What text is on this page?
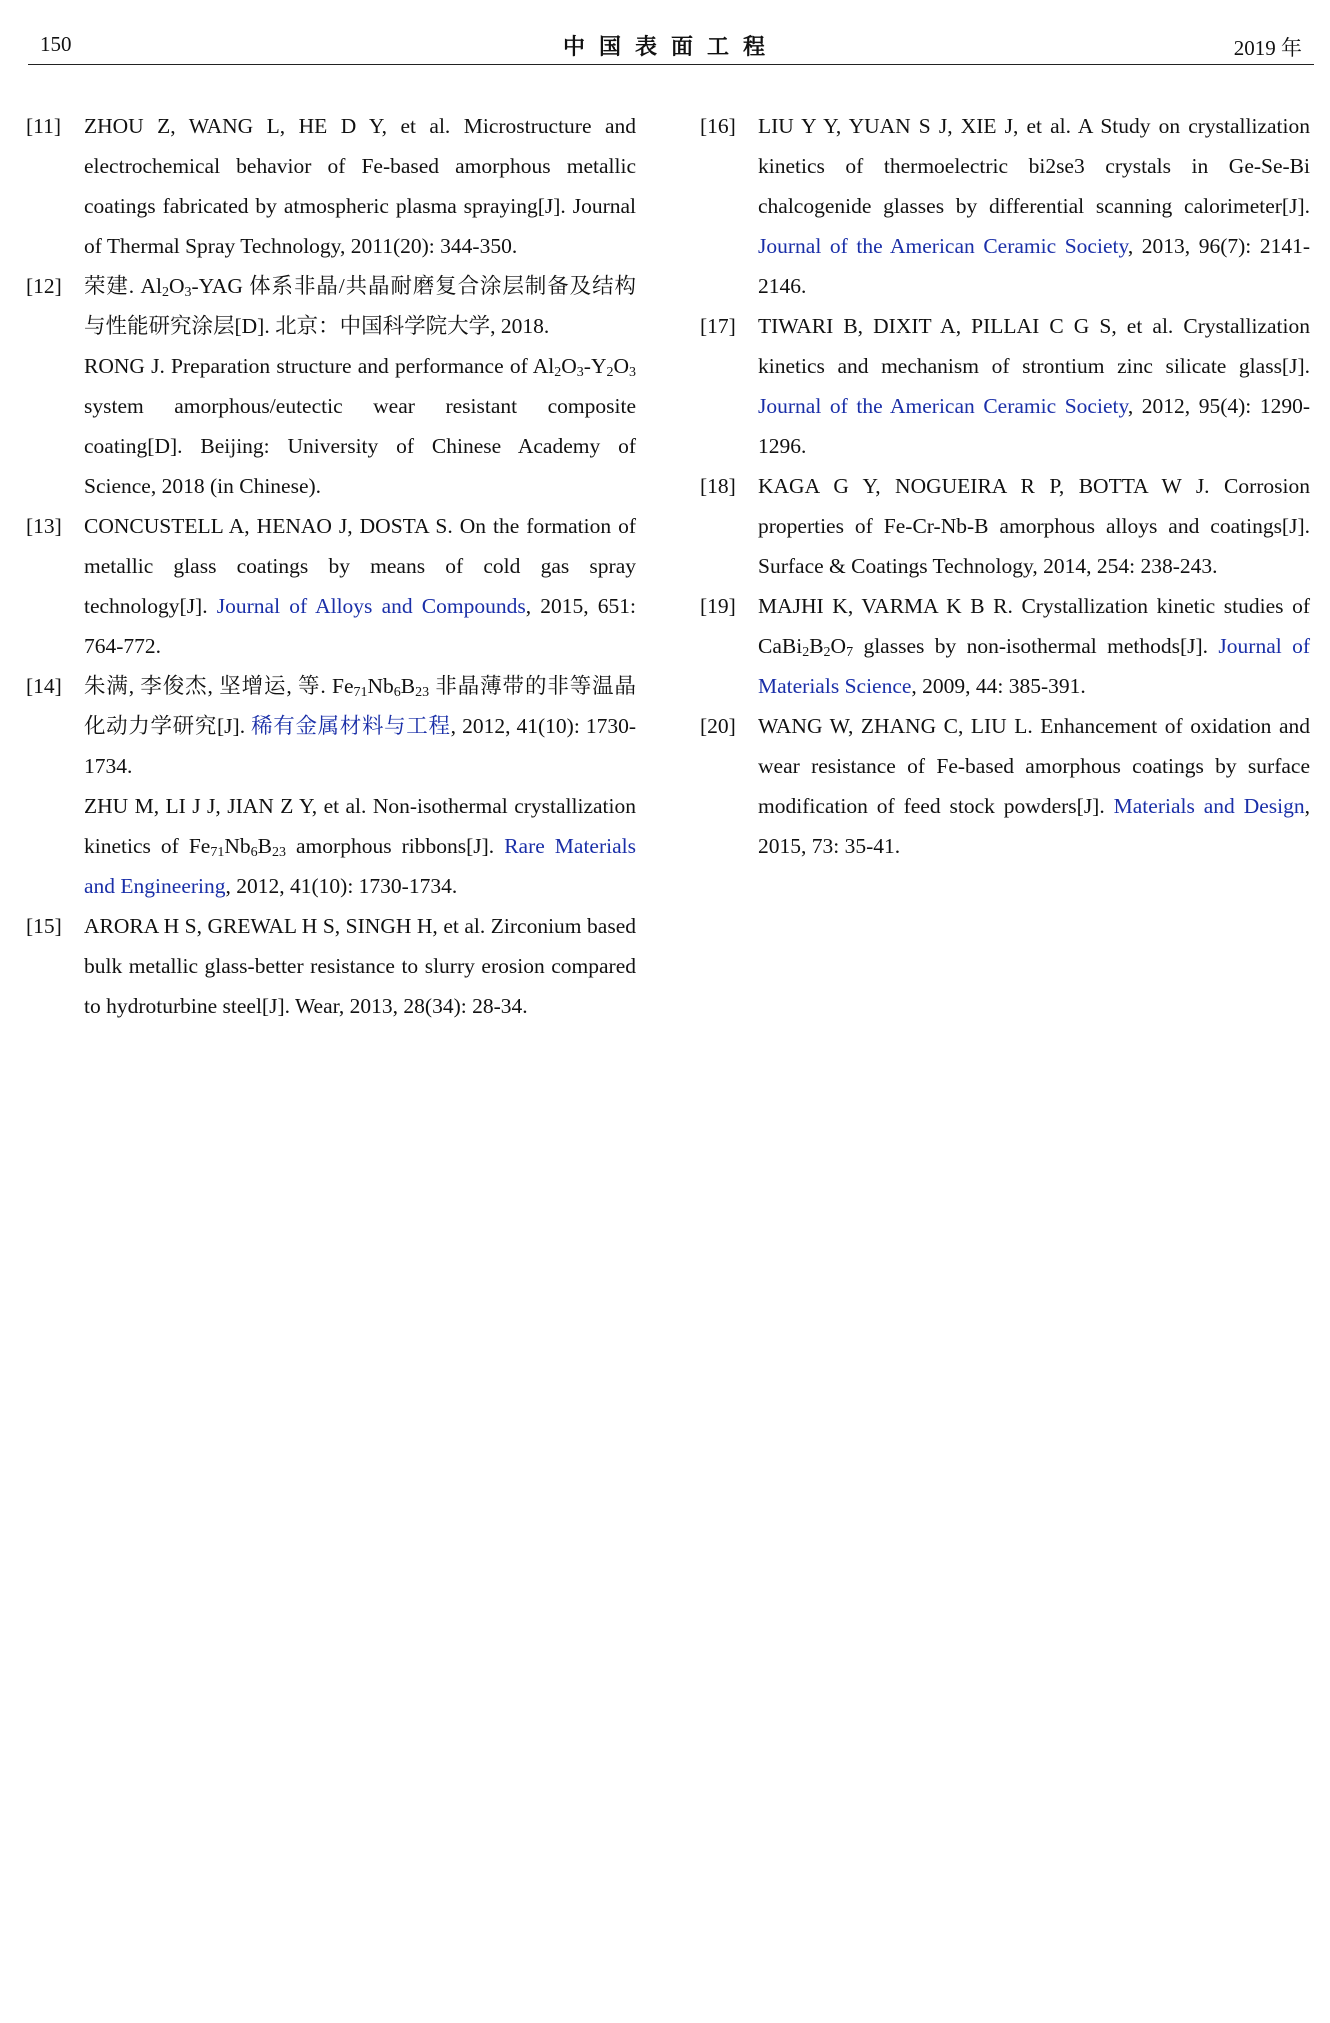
150	中国表面工程	2019 年
[11]	ZHOU Z, WANG L, HE D Y, et al. Microstructure and electrochemical behavior of Fe-based amorphous metallic coatings fabricated by atmospheric plasma spraying[J]. Journal of Thermal Spray Technology, 2011(20): 344-350.
[12]	荣建. $Al_2O_3$-YAG 体系非晶/共晶耐磨复合涂层制备及结构与性能研究涂层[D]. 北京：中国科学院大学, 2018.
RONG J. Preparation structure and performance of $Al_2O_3-Y_2O_3$ system amorphous/eutectic wear resistant composite coating[D]. Beijing: University of Chinese Academy of Science, 2018 (in Chinese).
[13]	CONCUSTELL A, HENAO J, DOSTA S. On the formation of metallic glass coatings by means of cold gas spray technology[J]. Journal of Alloys and Compounds, 2015, 651: 764-772.
[14]	朱满, 李俊杰, 坚增运, 等. $Fe_{71}Nb_6B_{23}$ 非晶薄带的非等温晶化动力学研究[J]. 稀有金属材料与工程, 2012, 41(10): 1730-1734.
ZHU M, LI J J, JIAN Z Y, et al. Non-isothermal crystallization kinetics of $Fe_{71}Nb_6B_{23}$ amorphous ribbons[J]. Rare Materials and Engineering, 2012, 41(10): 1730-1734.
[15]	ARORA H S, GREWAL H S, SINGH H, et al. Zirconium based bulk metallic glass-better resistance to slurry erosion compared to hydroturbine steel[J]. Wear, 2013, 28(34): 28-34.
[16]	LIU Y Y, YUAN S J, XIE J, et al. A Study on crystallization kinetics of thermoelectric bi2se3 crystals in Ge-Se-Bi chalcogenide glasses by differential scanning calorimeter[J]. Journal of the American Ceramic Society, 2013, 96(7): 2141-2146.
[17]	TIWARI B, DIXIT A, PILLAI C G S, et al. Crystallization kinetics and mechanism of strontium zinc silicate glass[J]. Journal of the American Ceramic Society, 2012, 95(4): 1290-1296.
[18]	KAGA G Y, NOGUEIRA R P, BOTTA W J. Corrosion properties of Fe-Cr-Nb-B amorphous alloys and coatings[J]. Surface & Coatings Technology, 2014, 254: 238-243.
[19]	MAJHI K, VARMA K B R. Crystallization kinetic studies of $CaBi_2B_2O_7$ glasses by non-isothermal methods[J]. Journal of Materials Science, 2009, 44: 385-391.
[20]	WANG W, ZHANG C, LIU L. Enhancement of oxidation and wear resistance of Fe-based amorphous coatings by surface modification of feed stock powders[J]. Materials and Design, 2015, 73: 35-41.
